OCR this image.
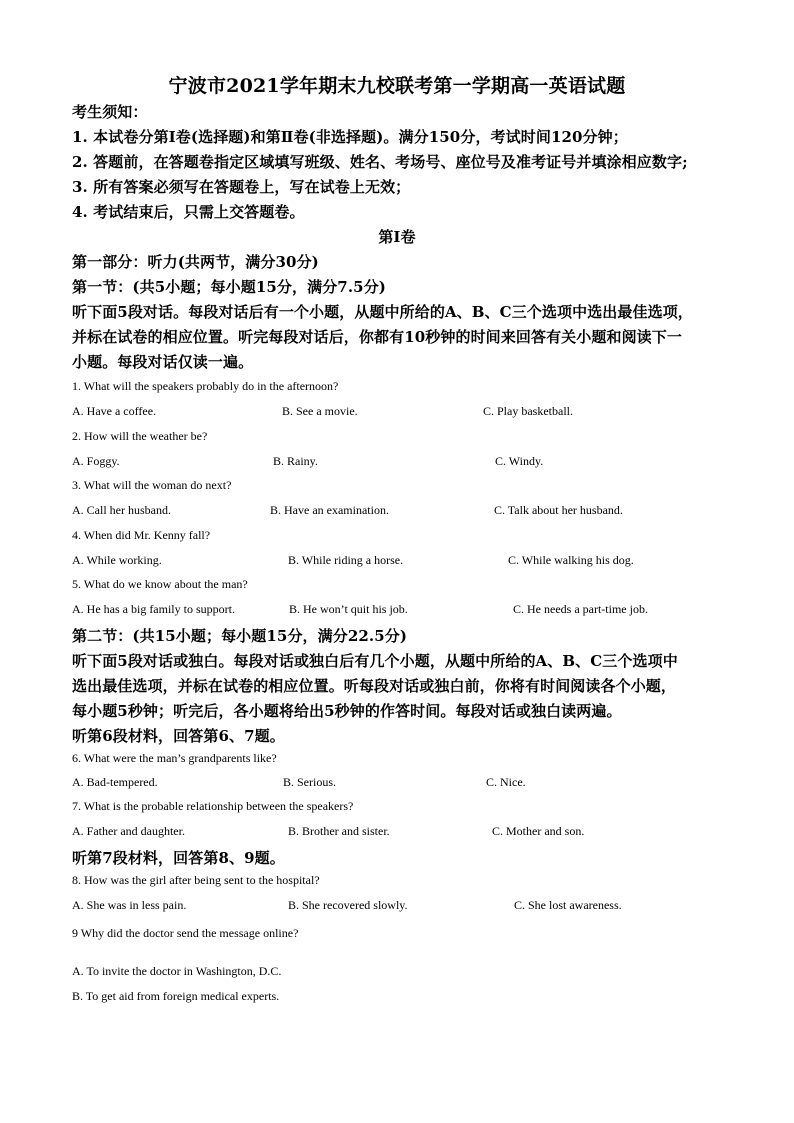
宁波市2021学年期末九校联考第一学期高一英语试题
考生须知：
1. 本试卷分第Ⅰ卷(选择题)和第Ⅱ卷(非选择题)。满分150分，考试时间120分钟；
2. 答题前，在答题卷指定区域填写班级、姓名、考场号、座位号及准考证号并填涂相应数字;
3. 所有答案必须写在答题卷上，写在试卷上无效；
4. 考试结束后，只需上交答题卷。
第Ⅰ卷
第一部分：听力(共两节，满分30分)
第一节：(共5小题；每小题15分，满分7.5分)
听下面5段对话。每段对话后有一个小题，从题中所给的A、B、C三个选项中选出最佳选项，
并标在试卷的相应位置。听完每段对话后，你都有10秒钟的时间来回答有关小题和阅读下一
小题。每段对话仅读一遍。
1. What will the speakers probably do in the afternoon?
A. Have a coffee.	B. See a movie.	C. Play basketball.
2. How will the weather be?
A. Foggy.	B. Rainy.	C. Windy.
3. What will the woman do next?
A. Call her husband.	B. Have an examination.	C. Talk about her husband.
4. When did Mr. Kenny fall?
A. While working.	B. While riding a horse.	C. While walking his dog.
5. What do we know about the man?
A. He has a big family to support.	B. He won’t quit his job.	C. He needs a part-time job.
第二节：(共15小题；每小题15分，满分22.5分)
听下面5段对话或独白。每段对话或独白后有几个小题，从题中所给的A、B、C三个选项中
选出最佳选项，并标在试卷的相应位置。听每段对话或独白前，你将有时间阅读各个小题，
每小题5秒钟；听完后，各小题将给出5秒钟的作答时间。每段对话或独白读两遍。
听第6段材料，回答第6、7题。
6. What were the man’s grandparents like?
A. Bad-tempered.	B. Serious.	C. Nice.
7. What is the probable relationship between the speakers?
A. Father and daughter.	B. Brother and sister.	C. Mother and son.
听第7段材料，回答第8、9题。
8. How was the girl after being sent to the hospital?
A. She was in less pain.	B. She recovered slowly.	C. She lost awareness.
9 Why did the doctor send the message online?
A. To invite the doctor in Washington, D.C.
B. To get aid from foreign medical experts.
